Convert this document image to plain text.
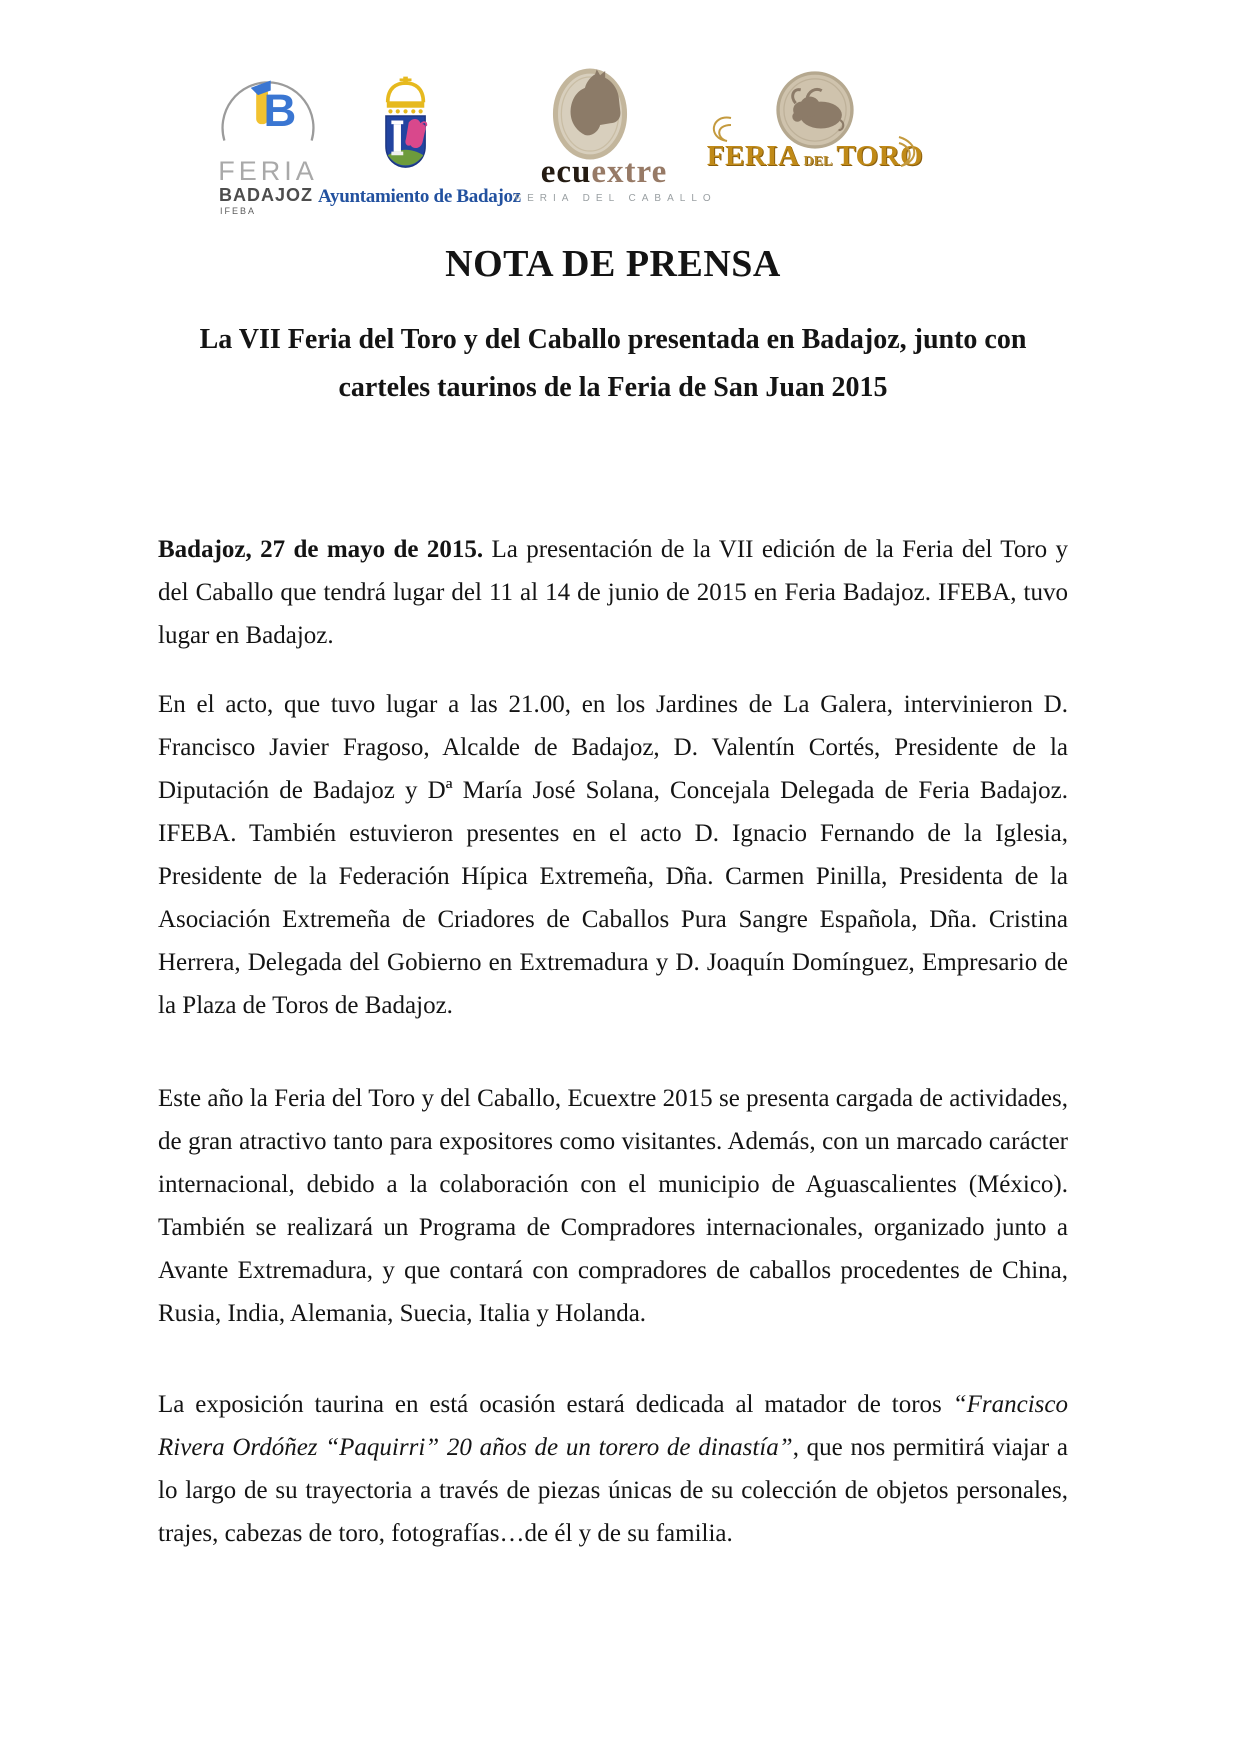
B
FERIA
BADAJOZ
IFEBA
Ayuntamiento de Badajoz
ecuextre
FERIA DEL CABALLO
FERIA DEL TORO
NOTA DE PRENSA
La VII Feria del Toro y del Caballo presentada en Badajoz, junto con
carteles taurinos de la Feria de San Juan 2015

Badajoz, 27 de mayo de 2015. La presentación de la VII edición de la Feria del Toro y del Caballo que tendrá lugar del 11 al 14 de junio de 2015 en Feria Badajoz. IFEBA, tuvo lugar en Badajoz.

En el acto, que tuvo lugar a las 21.00, en los Jardines de La Galera, intervinieron D. Francisco Javier Fragoso, Alcalde de Badajoz, D. Valentín Cortés, Presidente de la Diputación de Badajoz y Dª María José Solana, Concejala Delegada de Feria Badajoz. IFEBA. También estuvieron presentes en el acto D. Ignacio Fernando de la Iglesia, Presidente de la Federación Hípica Extremeña, Dña. Carmen Pinilla, Presidenta de la Asociación Extremeña de Criadores de Caballos Pura Sangre Española, Dña. Cristina Herrera, Delegada del Gobierno en Extremadura y D. Joaquín Domínguez, Empresario de la Plaza de Toros de Badajoz.

Este año la Feria del Toro y del Caballo, Ecuextre 2015 se presenta cargada de actividades, de gran atractivo tanto para expositores como visitantes. Además, con un marcado carácter internacional, debido a la colaboración con el municipio de Aguascalientes (México). También se realizará un Programa de Compradores internacionales, organizado junto a Avante Extremadura, y que contará con compradores de caballos procedentes de China, Rusia, India, Alemania, Suecia, Italia y Holanda.

La exposición taurina en está ocasión estará dedicada al matador de toros “Francisco Rivera Ordóñez “Paquirri” 20 años de un torero de dinastía”, que nos permitirá viajar a lo largo de su trayectoria a través de piezas únicas de su colección de objetos personales, trajes, cabezas de toro, fotografías…de él y de su familia.
